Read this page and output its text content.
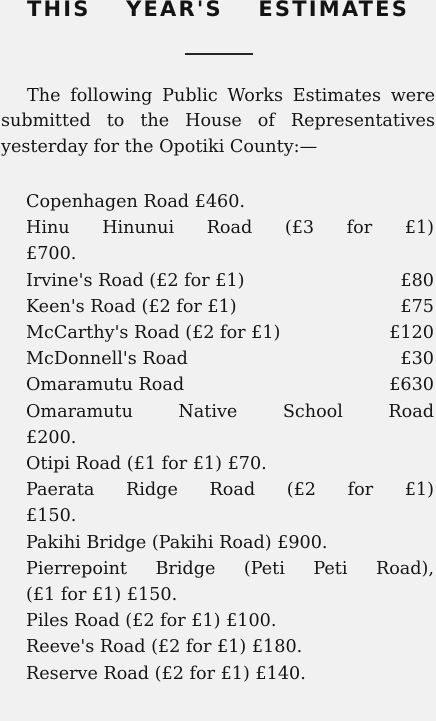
THIS YEAR'S ESTIMATES
The following Public Works Estimates were submitted to the House of Representatives yesterday for the Opotiki County:—
Copenhagen Road £460.
Hinu Hinunui Road (£3 for £1)
£700.
£80
Irvine's Road (£2 for £1)
£75
Keen's Road (£2 for £1)
£120
McCarthy's Road (£2 for £1)
£30
McDonnell's Road
£630
Omaramutu Road
Omaramutu Native School Road
£200.
Otipi Road (£1 for £1) £70.
Paerata Ridge Road (£2 for £1)
£150.
Pakihi Bridge (Pakihi Road) £900.
Pierrepoint Bridge (Peti Peti Road),
(£1 for £1) £150.
Piles Road (£2 for £1) £100.
Reeve's Road (£2 for £1) £180.
Reserve Road (£2 for £1) £140.
